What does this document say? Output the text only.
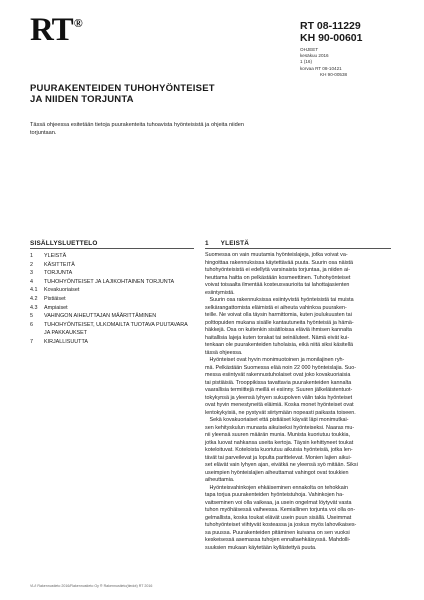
RT®	RT 08-11229
KH 90-00601
OHJEET
kesäkuu 2016
1 (16)
korvaa RT 08-10421
KH 90-00538
PUURAKENTEIDEN TUHOHYÖNTEISET
JA NIIDEN TORJUNTA
Tässä ohjeessa esitetään tietoja puurakenteita tuhoavista hyönteisistä ja ohjeita niiden
torjuntaan.
SISÄLLYSLUETTELO
1	YLEISTÄ
2	KÄSITTEITÄ
3	TORJUNTA
4	TUHOHYÖNTEISET JA LAJIKOHTAINEN TORJUNTA
4.1	Kovakuoriaiset
4.2	Pistiäiset
4.3	Ampiaiset
5	VAHINGON AIHEUTTAJAN MÄÄRITTÄMINEN
6	TUHOHYÖNTEISET, ULKOMAILTA TUOTAVA PUUTAVARA JA PAKKAUKSET
7	KIRJALLISUUTTA
1 YLEISTÄ

Suomessa on vain muutamia hyönteislajeja, jotka voivat va-

hingoittaa rakennuksissa käytettävää puuta. Suurin osa näistä

tuhohyönteisistä ei edellytä varsinaista torjuntaa, ja niiden ai-

heuttama haitta on pelkästään kosmeettinen. Tuhohyönteiset

voivat toisaalta ilmentää kosteusvaurioita tai lahottajasienten

esiintymistä.

Suurin osa rakennuksissa esiintyvistä hyönteisistä tai muista

selkärangattomista eläimistä ei aiheuta vahinkoa puuraken-

teille. Ne voivat olla täysin harmittomia, kuten joulukuusten tai

polttopuiden mukana sisälle kantautuneita hyönteisiä ja hämä-

häkkejä. Osa on kuitenkin sisätiloissa eläviä ihmisen kannalta

haitallisia lajeja kuten torakat tai seinäluteet. Nämä eivät kui-

tenkaan ole puurakenteiden tuholaisia, eikä niitä siksi käsitellä

tässä ohjeessa.

Hyönteiset ovat hyvin monimuotoinen ja monilajinen ryh-

mä. Pelkästään Suomessa elää noin 22 000 hyönteislajia. Suo-

messa esiintyvät rakennustuholaiset ovat joko kovakuoriaisia

tai pistiäisiä. Trooppikissa tavattavia puurakenteiden kannalta

vaarallisia termiittejä meillä ei esiinny. Suuren jälkeläistentuot-

tokykynsä ja yleensä lyhyen sukupolven välin takia hyönteiset

ovat hyvin menestyneitä eläimiä. Koska monet hyönteiset ovat

lentokykyisiä, ne pystyvät siirtymään nopeasti paikasta toiseen.

Sekä kovakuoriaiset että pistiäiset käyvät läpi monimutkai-

sen kehityskulun munasta aikuiseksi hyönteiseksi. Naaras mu-

nii yleensä suuren määrän munia. Munista kuoriutuu toukkia,

jotka luovat nahkansa useita kertoja. Täysin kehittyneet toukat

koteloituvat. Koteloista kuoriutuu aikuisia hyönteisiä, jotka len-

tävät tai parveilevat ja lopulta parittelevat. Monien lajien aikui-

set elävät vain lyhyen ajan, eivätkä ne yleensä syö mitään. Siksi

useimpien hyönteislajien aiheuttamat vahingot ovat toukkien

aiheuttamia.

Hyönteisvahinkojen ehkäiseminen ennakolta on tehokkain

tapa torjua puurakenteiden hyönteistuhoja. Vahinkojen ha-

vaitseminen voi olla vaikeaa, ja usein ongelmat löytyvät vasta

tuhon myöhäisessä vaiheessa. Kemiallinen torjunta voi olla on-

gelmallista, koska toukat elävät usein puun sisällä. Useimmat

tuhohyönteiset viihtyvät kosteassa ja joskus myös lahovikaises-

sa puussa. Puurakenteiden pitäminen kuivana on sen vuoksi

keskeisessä asemassa tuhojen ennaltaehkäisyssä. Mahdolli-

suuksien mukaan käytetään kyllästettyä puuta.

VL/I Rakennustieto 2016/Rakennustieto Oy ® Rakennustieto(tiedot) RT 2016
